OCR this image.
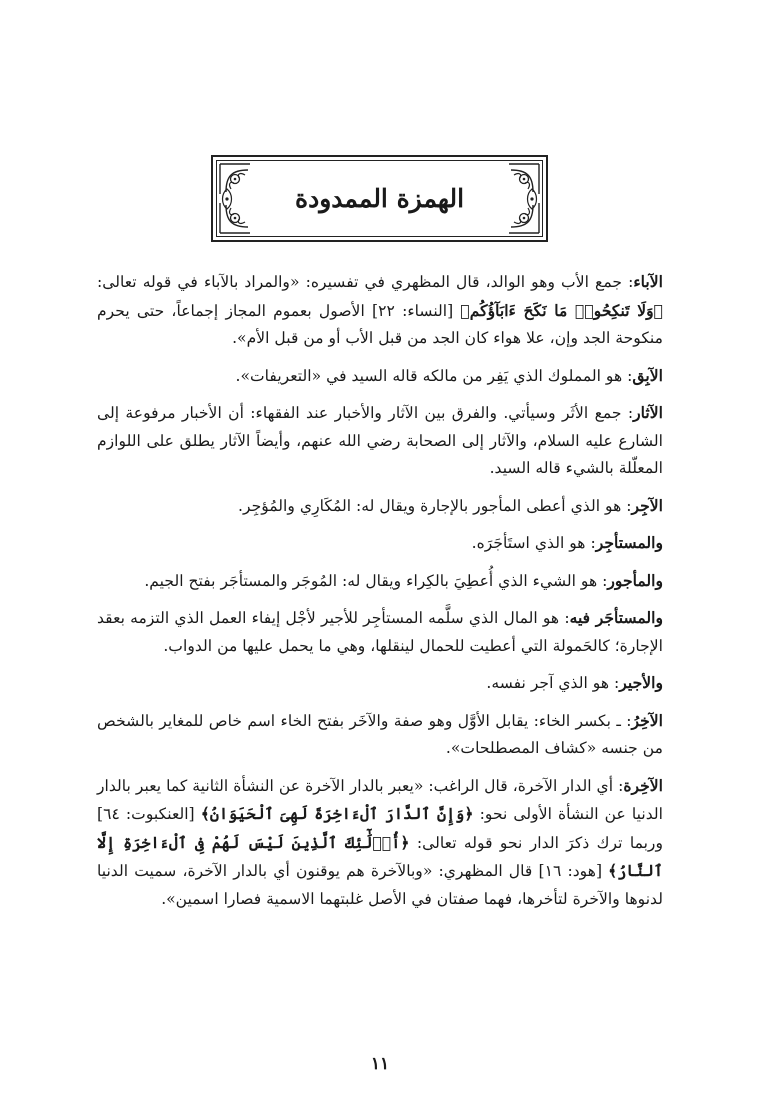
الهمزة الممدودة

الآباء: جمع الأب وهو الوالد، قال المظهري في تفسيره: «والمراد بالآباء في قوله تعالى: ﴿وَلَا تَنكِحُوا۟ مَا نَكَحَ ءَابَآؤُكُم﴾ [النساء: ٢٢] الأصول بعموم المجاز إجماعاً، حتى يحرم منكوحة الجد وإن، علا هواء كان الجد من قبل الأب أو من قبل الأم».

الآبِق: هو المملوك الذي يَفِر من مالكه قاله السيد في «التعريفات».

الآثار: جمع الأثَر وسيأتي. والفرق بين الآثار والأخبار عند الفقهاء: أن الأخبار مرفوعة إلى الشارع عليه السلام، والآثار إلى الصحابة رضي الله عنهم، وأيضاً الآثار يطلق على اللوازم المعلّلة بالشيء قاله السيد.

الآجِر: هو الذي أعطى المأجور بالإجارة ويقال له: المُكَارِي والمُؤجِر.

والمستأجِر: هو الذي استَأجَرَه.

والمأجور: هو الشيء الذي أُعطِيَ بالكِراء ويقال له: المُوجَر والمستأجَر بفتح الجيم.

والمستأجَر فيه: هو المال الذي سلَّمه المستأجِر للأجير لأجْل إيفاء العمل الذي التزمه بعقد الإجارة؛ كالحَمولة التي أعطيت للحمال لينقلها، وهي ما يحمل عليها من الدواب.

والأجير: هو الذي آجر نفسه.

الآخِرُ: ـ بكسر الخاء: يقابل الأوَّل وهو صفة والآخَر بفتح الخاء اسم خاص للمغاير بالشخص من جنسه «كشاف المصطلحات».

الآخِرة: أي الدار الآخرة، قال الراغب: «يعبر بالدار الآخرة عن النشأة الثانية كما يعبر بالدار الدنيا عن النشأة الأولى نحو: ﴿وَإِنَّ ٱلدَّارَ ٱلْءَاخِرَةَ لَهِىَ ٱلْحَيَوَانُ﴾ [العنكبوت: ٦٤] وربما ترك ذكرَ الدار نحو قوله تعالى: ﴿أُو۟لَٰٓئِكَ ٱلَّذِينَ لَيْسَ لَهُمْ فِى ٱلْءَاخِرَةِ إِلَّا ٱلنَّارُ﴾ [هود: ١٦] قال المظهري: «وبالآخرة هم يوقنون أي بالدار الآخرة، سميت الدنيا لدنوها والآخرة لتأخرها، فهما صفتان في الأصل غلبتهما الاسمية فصارا اسمين».

١١
